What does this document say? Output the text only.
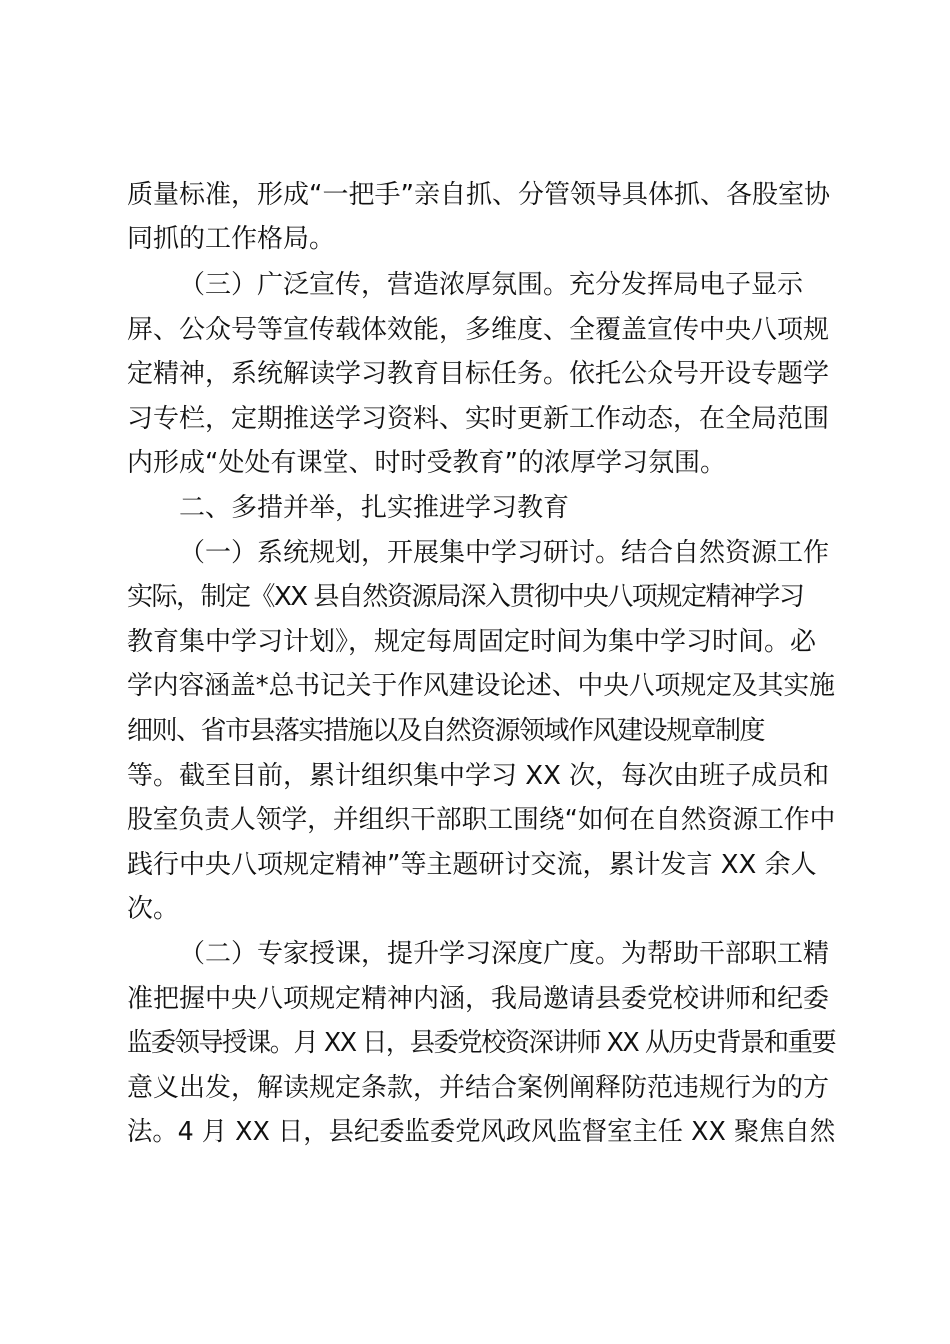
质量标准，形成“一把手”亲自抓、分管领导具体抓、各股室协
同抓的工作格局。
（三）广泛宣传，营造浓厚氛围。充分发挥局电子显示
屏、公众号等宣传载体效能，多维度、全覆盖宣传中央八项规
定精神，系统解读学习教育目标任务。依托公众号开设专题学
习专栏，定期推送学习资料、实时更新工作动态，在全局范围
内形成“处处有课堂、时时受教育”的浓厚学习氛围。
二、多措并举，扎实推进学习教育
（一）系统规划，开展集中学习研讨。结合自然资源工作
实际，制定《XX 县自然资源局深入贯彻中央八项规定精神学习
教育集中学习计划》，规定每周固定时间为集中学习时间。必
学内容涵盖*总书记关于作风建设论述、中央八项规定及其实施
细则、省市县落实措施以及自然资源领域作风建设规章制度
等。截至目前，累计组织集中学习 XX 次，每次由班子成员和
股室负责人领学，并组织干部职工围绕“如何在自然资源工作中
践行中央八项规定精神”等主题研讨交流，累计发言 XX 余人
次。
（二）专家授课，提升学习深度广度。为帮助干部职工精
准把握中央八项规定精神内涵，我局邀请县委党校讲师和纪委
监委领导授课。月 XX 日，县委党校资深讲师 XX 从历史背景和重要
意义出发，解读规定条款，并结合案例阐释防范违规行为的方
法。4 月 XX 日，县纪委监委党风政风监督室主任 XX 聚焦自然
